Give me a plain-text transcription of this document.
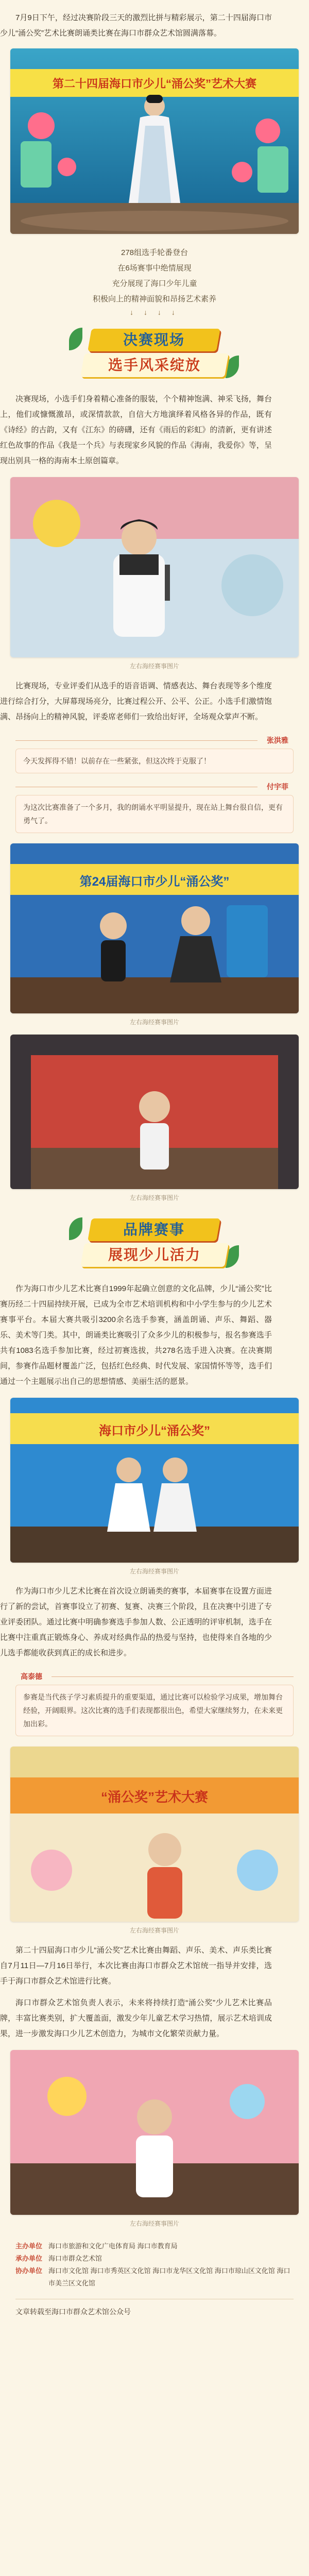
7月9日下午，经过决赛阶段三天的激烈比拼与精彩展示，第二十四届海口市少儿“涌公奖”艺术比赛朗诵类比赛在海口市群众艺术馆圆满落幕。

第二十四届海口市少儿“涌公奖”艺术大赛
278组选手轮番登台
在6场赛事中绝情展现
充分展现了海口少年儿童
积极向上的精神面貌和昂扬艺术素养
↓ ↓ ↓ ↓
决赛现场
选手风采绽放

决赛现场，小选手们身着精心准备的服装，个个精神饱满、神采飞扬，舞台上，他们或慷慨激昂，或深情款款，自信大方地演绎着风格各异的作品，既有《诗经》的古韵，又有《江东》的磅礴，还有《雨后的彩虹》的清新，更有讲述红色故事的作品《我是一个兵》与表现家乡风貌的作品《海南，我爱你》等，呈现出别具一格的海南本土原创篇章。

左右海经赛事图片

比赛现场，专业评委们从选手的语音语调、情感表达、舞台表现等多个维度进行综合打分，大屏幕现场亮分，比赛过程公开、公平、公正。小选手们激情饱满、昂扬向上的精神风貌，评委席老师们一致给出好评，全场观众掌声不断。

张洪雅
今天发挥得不错！以前存在一些紧张，但这次终于克服了！
付宇菲
为这次比赛准备了一个多月，我的朗诵水平明显提升，现在站上舞台很自信，更有勇气了。
第24届海口市少儿“涌公奖”
左右海经赛事图片
左右海经赛事图片
品牌赛事
展现少儿活力

作为海口市少儿艺术比赛自1999年起确立创意的文化品牌，少儿“涌公奖”比赛历经二十四届持续开展，已成为全市艺术培训机构和中小学生参与的少儿艺术赛事平台。本届大赛共吸引3200余名选手参赛，涵盖朗诵、声乐、舞蹈、器乐、美术等门类。其中，朗诵类比赛吸引了众多少儿的积极参与，报名参赛选手共有1083名选手参加比赛，经过初赛选拔，共278名选手进入决赛。在决赛期间，参赛作品题材覆盖广泛，包括红色经典、时代发展、家国情怀等等，选手们通过一个主题展示出自己的思想情感、美丽生活的愿景。

海口市少儿“涌公奖”
左右海经赛事图片

作为海口市少儿艺术比赛在首次设立朗诵类的赛事，本届赛事在设置方面进行了新的尝试，首赛事设立了初赛、复赛、决赛三个阶段，且在决赛中引进了专业评委团队。通过比赛中明确参赛选手参加人数、公正透明的评审机制，选手在比赛中注重真正锻炼身心、养成对经典作品的热爱与坚持，也使得来自各地的少儿选手都能收获到真正的成长和进步。

高泰德
参赛是当代孩子学习素质提升的重要渠道，通过比赛可以检验学习成果，增加舞台经验，开阔眼界。这次比赛的选手们表现都很出色，希望大家继续努力，在未来更加出彩。
“涌公奖”艺术大赛
左右海经赛事图片

第二十四届海口市少儿“涌公奖”艺术比赛由舞蹈、声乐、美术、声乐类比赛自7月11日—7月16日举行，本次比赛由海口市群众艺术馆统一指导并安排，选手于海口市群众艺术馆进行比赛。

海口市群众艺术馆负责人表示，未来将持续打造“涌公奖”少儿艺术比赛品牌，丰富比赛类别，扩大覆盖面，激发少年儿童艺术学习热情，展示艺术培训成果，进一步激发海口少儿艺术创造力，为城市文化繁荣贡献力量。

左右海经赛事图片
主办单位 海口市旅游和文化广电体育局 海口市教育局
承办单位 海口市群众艺术馆
协办单位 海口市文化馆 海口市秀英区文化馆 海口市龙华区文化馆 海口市琼山区文化馆 海口市美兰区文化馆
文章转载至海口市群众艺术馆公众号
